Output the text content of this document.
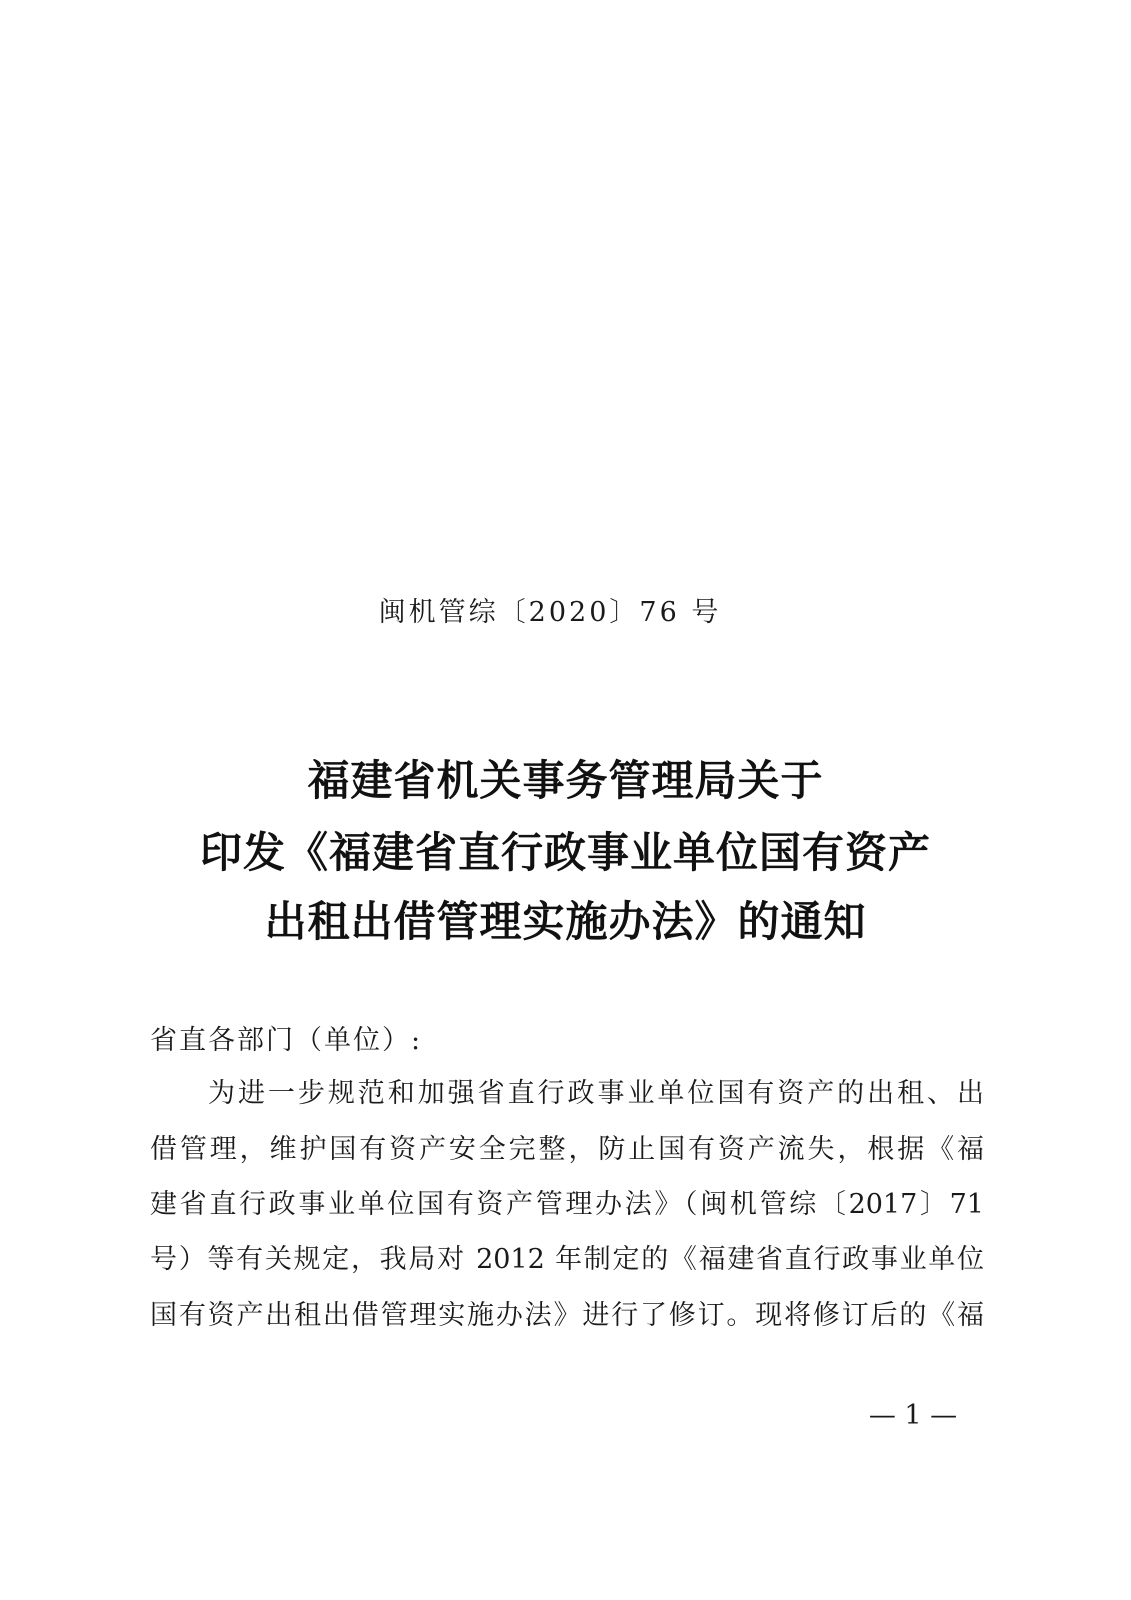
闽机管综〔2020〕76 号
福建省机关事务管理局关于
印发《福建省直行政事业单位国有资产
出租出借管理实施办法》的通知
省直各部门（单位）:
为进一步规范和加强省直行政事业单位国有资产的出租、出
借管理，维护国有资产安全完整，防止国有资产流失，根据《福
建省直行政事业单位国有资产管理办法》（闽机管综〔2017〕71
号）等有关规定，我局对 2012 年制定的《福建省直行政事业单位
国有资产出租出借管理实施办法》进行了修订。现将修订后的《福
— 1 —
